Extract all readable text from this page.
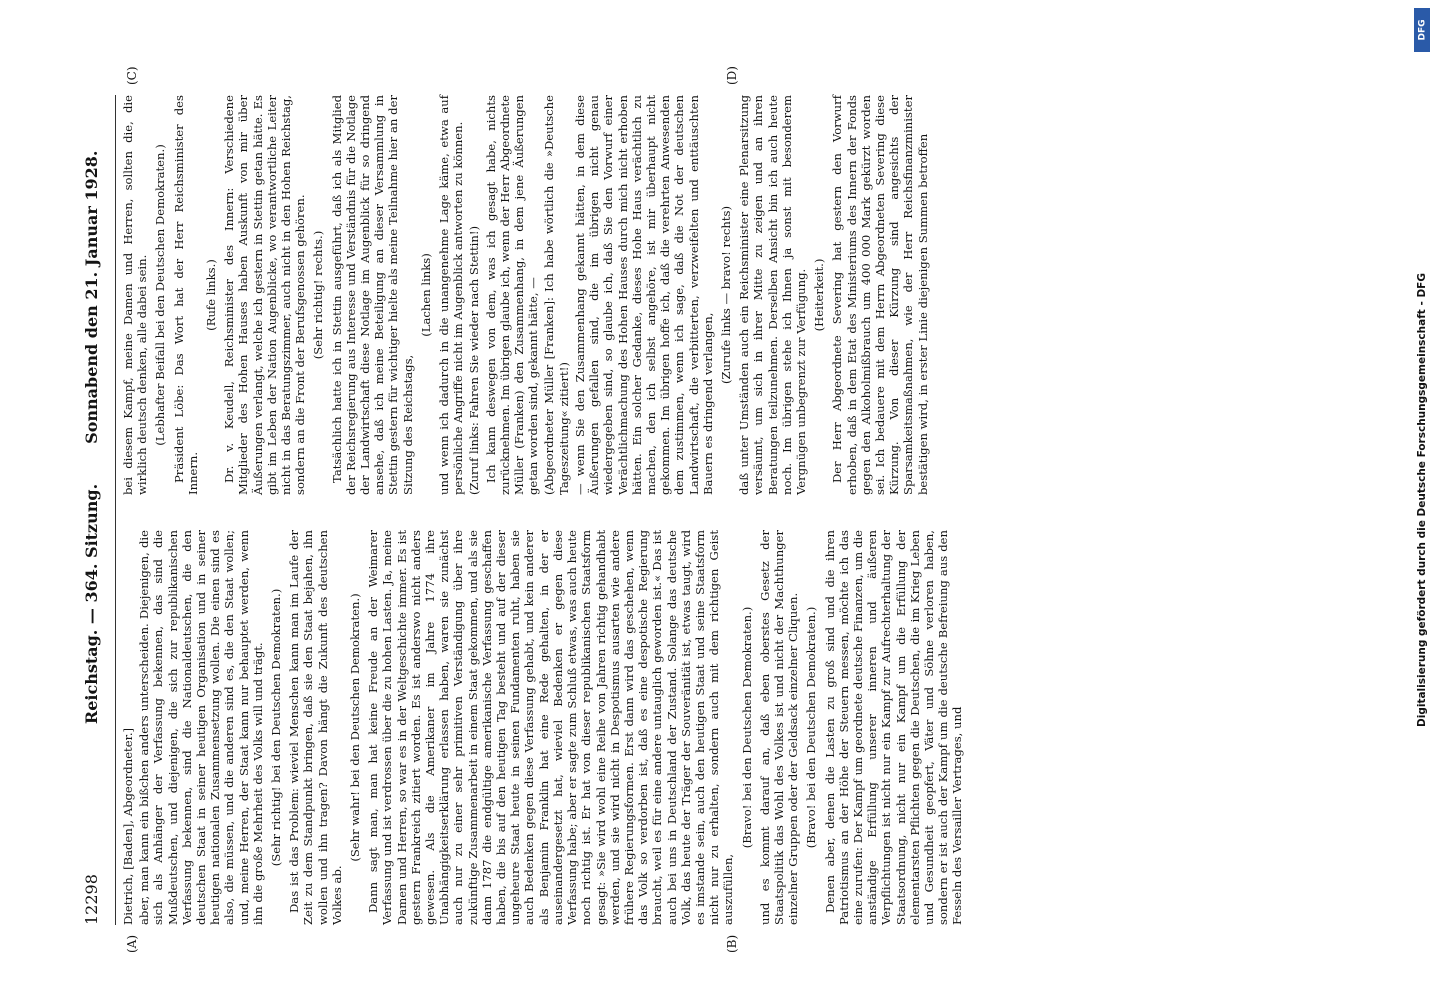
12298
Reichstag. — 364. Sitzung.
Sonnabend den 21. Januar 1928.

Dietrich, [Baden], Abgeordneter.] aber, man kann ein bißchen anders unterscheiden. Diejenigen, die sich als Anhänger der Verfassung bekennen, das sind die Mußdeutschen, und diejenigen, die sich zur republikanischen Verfassung bekennen, sind die Nationaldeutschen, die den deutschen Staat in seiner heutigen Organisation und in seiner heutigen nationalen Zusammensetzung wollen. Die einen sind es also, die müssen, und die anderen sind es, die den Staat wollen; und, meine Herren, der Staat kann nur behauptet werden, wenn ihn die große Mehrheit des Volks will und trägt. (Sehr richtig! bei den Deutschen Demokraten.) Das ist das Problem: wieviel Menschen kann man im Laufe der Zeit zu dem Standpunkt bringen, daß sie den Staat bejahen, ihn wollen und ihn tragen? Davon hängt die Zukunft des deutschen Volkes ab.

(Sehr wahr! bei den Deutschen Demokraten.) Dann sagt man, man hat keine Freude an der Weimarer Verfassung und ist verdrossen über die zu hohen Lasten. Ja, meine Damen und Herren, so war es in der Weltgeschichte immer. Es ist gestern Frankreich zitiert worden. Es ist anderswo nicht anders gewesen. Als die Amerikaner im Jahre 1774 ihre Unabhängigkeitserklärung erlassen haben, waren sie zunächst auch nur zu einer sehr primitiven Verständigung über ihre zukünftige Zusammenarbeit in einem Staat gekommen, und als sie dann 1787 die endgültige amerikanische Verfassung geschaffen haben, die bis auf den heutigen Tag besteht und auf der dieser ungeheure Staat heute in seinen Fundamenten ruht, haben sie auch Bedenken gegen diese Verfassung gehabt, und kein anderer als Benjamin Franklin hat eine Rede gehalten, in der er auseinandergesetzt hat, wieviel Bedenken er gegen diese Verfassung habe; aber er sagte zum Schluß etwas, was auch heute noch richtig ist. Er hat von dieser republikanischen Staatsform gesagt: »Sie wird wohl eine Reihe von Jahren richtig gehandhabt werden, und sie wird nicht in Despotismus ausarten wie andere frühere Regierungsformen. Erst dann wird das geschehen, wenn das Volk so verdorben ist, daß es eine despotische Regierung braucht, weil es für eine andere untauglich geworden ist.« Das ist auch bei uns in Deutschland der Zustand. Solange das deutsche Volk, das heute der Träger der Souveränität ist, etwas taugt, wird es imstande sein, auch den heutigen Staat und seine Staatsform nicht nur zu erhalten, sondern auch mit dem richtigen Geist auszufüllen,

(Bravo! bei den Deutschen Demokraten.) und es kommt darauf an, daß eben oberstes Gesetz der Staatspolitik das Wohl des Volkes ist und nicht der Machthunger einzelner Gruppen oder der Geldsack einzelner Cliquen. (Bravo! bei den Deutschen Demokraten.) Denen aber, denen die Lasten zu groß sind und die ihren Patriotismus an der Höhe der Steuern messen, möchte ich das eine zurufen: Der Kampf um geordnete deutsche Finanzen, um die anständige Erfüllung unserer inneren und äußeren Verpflichtungen ist nicht nur ein Kampf zur Aufrechterhaltung der Staatsordnung, nicht nur ein Kampf um die Erfüllung der elementarsten Pflichten gegen die Deutschen, die im Krieg Leben und Gesundheit geopfert, Väter und Söhne verloren haben, sondern er ist auch der Kampf um die deutsche Befreiung aus den Fesseln des Versailler Vertrages, und

bei diesem Kampf, meine Damen und Herren, sollten die, die wirklich deutsch denken, alle dabei sein. (Lebhafter Beifall bei den Deutschen Demokraten.) Präsident Löbe: Das Wort hat der Herr Reichsminister des Innern.

(Rufe links.) Dr. v. Keudell, Reichsminister des Innern: Verschiedene Mitglieder des Hohen Hauses haben Auskunft von mir über Äußerungen verlangt, welche ich gestern in Stettin getan hätte. Es gibt im Leben der Nation Augenblicke, wo verantwortliche Leiter nicht in das Beratungszimmer, auch nicht in den Hohen Reichstag, sondern an die Front der Berufsgenossen gehören. (Sehr richtig! rechts.) Tatsächlich hatte ich in Stettin ausgeführt, daß ich als Mitglied der Reichsregierung aus Interesse und Verständnis für die Notlage der Landwirtschaft diese Notlage im Augenblick für so dringend ansehe, daß ich meine Beteiligung an dieser Versammlung in Stettin gestern für wichtiger hielte als meine Teilnahme hier an der Sitzung des Reichstags,

(Lachen links) und wenn ich dadurch in die unangenehme Lage käme, etwa auf persönliche Angriffe nicht im Augenblick antworten zu können. (Zuruf links: Fahren Sie wieder nach Stettin!) Ich kann deswegen von dem, was ich gesagt habe, nichts zurücknehmen. Im übrigen glaube ich, wenn der Herr Abgeordnete Müller (Franken) den Zusammenhang, in dem jene Äußerungen getan worden sind, gekannt hätte, — (Abgeordneter Müller [Franken]: Ich habe wörtlich die »Deutsche Tageszeitung« zitiert!) — wenn Sie den Zusammenhang gekannt hätten, in dem diese Äußerungen gefallen sind, die im übrigen nicht genau wiedergegeben sind, so glaube ich, daß Sie den Vorwurf einer Verächtlichmachung des Hohen Hauses durch mich nicht erhoben hätten. Ein solcher Gedanke, dieses Hohe Haus verächtlich zu machen, den ich selbst angehöre, ist mir überhaupt nicht gekommen. Im übrigen hoffe ich, daß die verehrten Anwesenden dem zustimmen, wenn ich sage, daß die Not der deutschen Landwirtschaft, die verbitterten, verzweifelten und enttäuschten Bauern es dringend verlangen,

(Zurufe links — bravo! rechts) daß unter Umständen auch ein Reichsminister eine Plenarsitzung versäumt, um sich in ihrer Mitte zu zeigen und an ihren Beratungen teilzunehmen. Derselben Ansicht bin ich auch heute noch. Im übrigen stehe ich Ihnen ja sonst mit besonderem Vergnügen unbegrenzt zur Verfügung. (Heiterkeit.) Der Herr Abgeordnete Severing hat gestern den Vorwurf erhoben, daß in dem Etat des Ministeriums des Innern der Fonds gegen den Alkoholmißbrauch um 400 000 Mark gekürzt worden sei. Ich bedauere mit dem Herrn Abgeordneten Severing diese Kürzung. Von dieser Kürzung sind angesichts der Sparsamkeitsmaßnahmen, wie der Herr Reichsfinanzminister bestätigen wird, in erster Linie diejenigen Summen betroffen

(A)	(B)
(C)	(D)
Digitalisierung gefördert durch die Deutsche Forschungsgemeinschaft - DFG
DFG
